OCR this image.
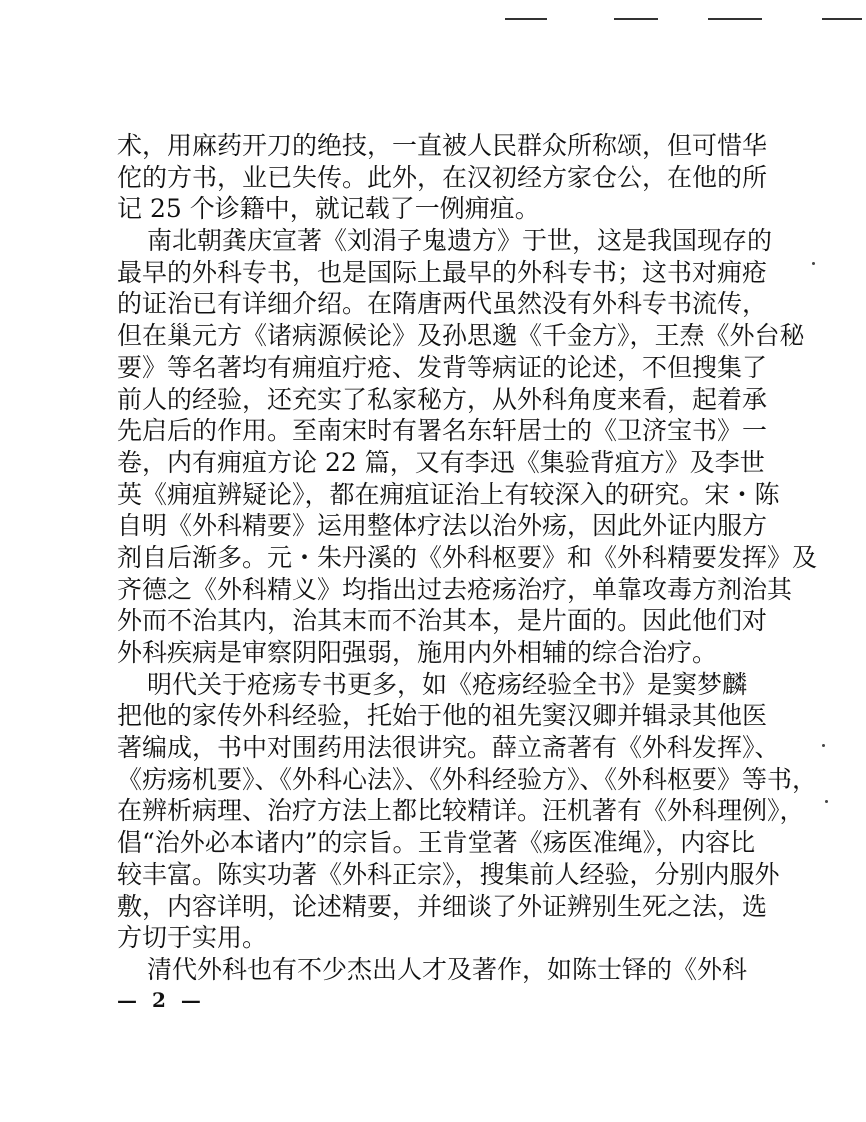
术，用麻药开刀的绝技，一直被人民群众所称颂，但可惜华
佗的方书，业已失传。此外，在汉初经方家仓公，在他的所
记 25 个诊籍中，就记载了一例痈疽。
南北朝龚庆宣著《刘涓子鬼遗方》于世，这是我国现存的
最早的外科专书，也是国际上最早的外科专书；这书对痈疮
的证治已有详细介绍。在隋唐两代虽然没有外科专书流传，
但在巢元方《诸病源候论》及孙思邈《千金方》，王焘《外台秘
要》等名著均有痈疽疔疮、发背等病证的论述，不但搜集了
前人的经验，还充实了私家秘方，从外科角度来看，起着承
先启后的作用。至南宋时有署名东轩居士的《卫济宝书》一
卷，内有痈疽方论 22 篇，又有李迅《集验背疽方》及李世
英《痈疽辨疑论》，都在痈疽证治上有较深入的研究。宋・陈
自明《外科精要》运用整体疗法以治外疡，因此外证内服方
剂自后渐多。元・朱丹溪的《外科枢要》和《外科精要发挥》及
齐德之《外科精义》均指出过去疮疡治疗，单靠攻毒方剂治其
外而不治其内，治其末而不治其本，是片面的。因此他们对
外科疾病是审察阴阳强弱，施用内外相辅的综合治疗。
明代关于疮疡专书更多，如《疮疡经验全书》是窦梦麟
把他的家传外科经验，托始于他的祖先窦汉卿并辑录其他医
著编成，书中对围药用法很讲究。薛立斋著有《外科发挥》、
《疠疡机要》、《外科心法》、《外科经验方》、《外科枢要》等书，
在辨析病理、治疗方法上都比较精详。汪机著有《外科理例》，
倡“治外必本诸内”的宗旨。王肯堂著《疡医准绳》，内容比
较丰富。陈实功著《外科正宗》，搜集前人经验，分别内服外
敷，内容详明，论述精要，并细谈了外证辨别生死之法，选
方切于实用。
清代外科也有不少杰出人才及著作，如陈士铎的《外科
— 2 —
